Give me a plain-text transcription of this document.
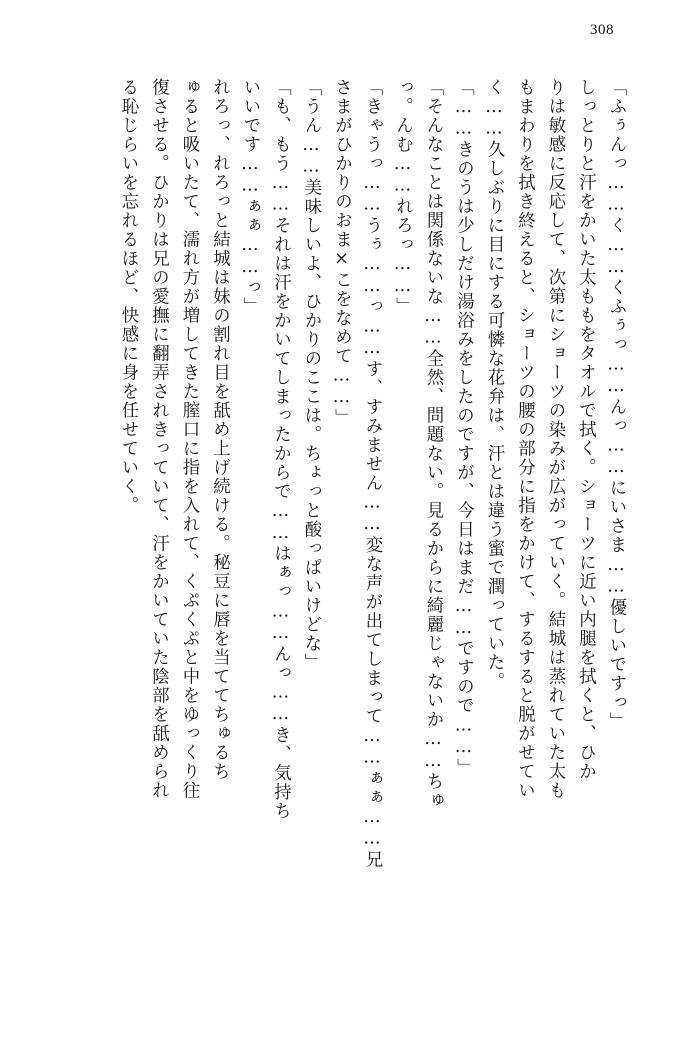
308
「ふぅんっ……く……くふぅっ……んっ……にいさま……優しいですっ」
しっとりと汗をかいた太ももをタオルで拭く。ショーツに近い内腿を拭くと、ひか
りは敏感に反応して、次第にショーツの染みが広がっていく。結城は蒸れていた太も
もまわりを拭き終えると、ショーツの腰の部分に指をかけて、するすると脱がせてい
く……久しぶりに目にする可憐な花弁は、汗とは違う蜜で潤っていた。
「……きのうは少しだけ湯浴みをしたのですが、今日はまだ……ですので……」
「そんなことは関係ないな……全然、問題ない。見るからに綺麗じゃないか……ちゅ
っ。んむ……れろっ……」
「きゃうっ……うぅ……っ……す、すみません……変な声が出てしまって……ぁぁ……兄
さまがひかりのおま×こをなめて……」
「うん……美味しいよ、ひかりのここは。ちょっと酸っぱいけどな」
「も、もう……それは汗をかいてしまったからで……はぁっ……んっ……き、気持ち
いいです……ぁぁ……っ」
れろっ、れろっと結城は妹の割れ目を舐め上げ続ける。秘豆に唇を当ててちゅるち
ゅると吸いたて、濡れ方が増してきた膣口に指を入れて、くぷくぷと中をゆっくり往
復させる。ひかりは兄の愛撫に翻弄されきっていて、汗をかいていた陰部を舐められ
る恥じらいを忘れるほど、快感に身を任せていく。
